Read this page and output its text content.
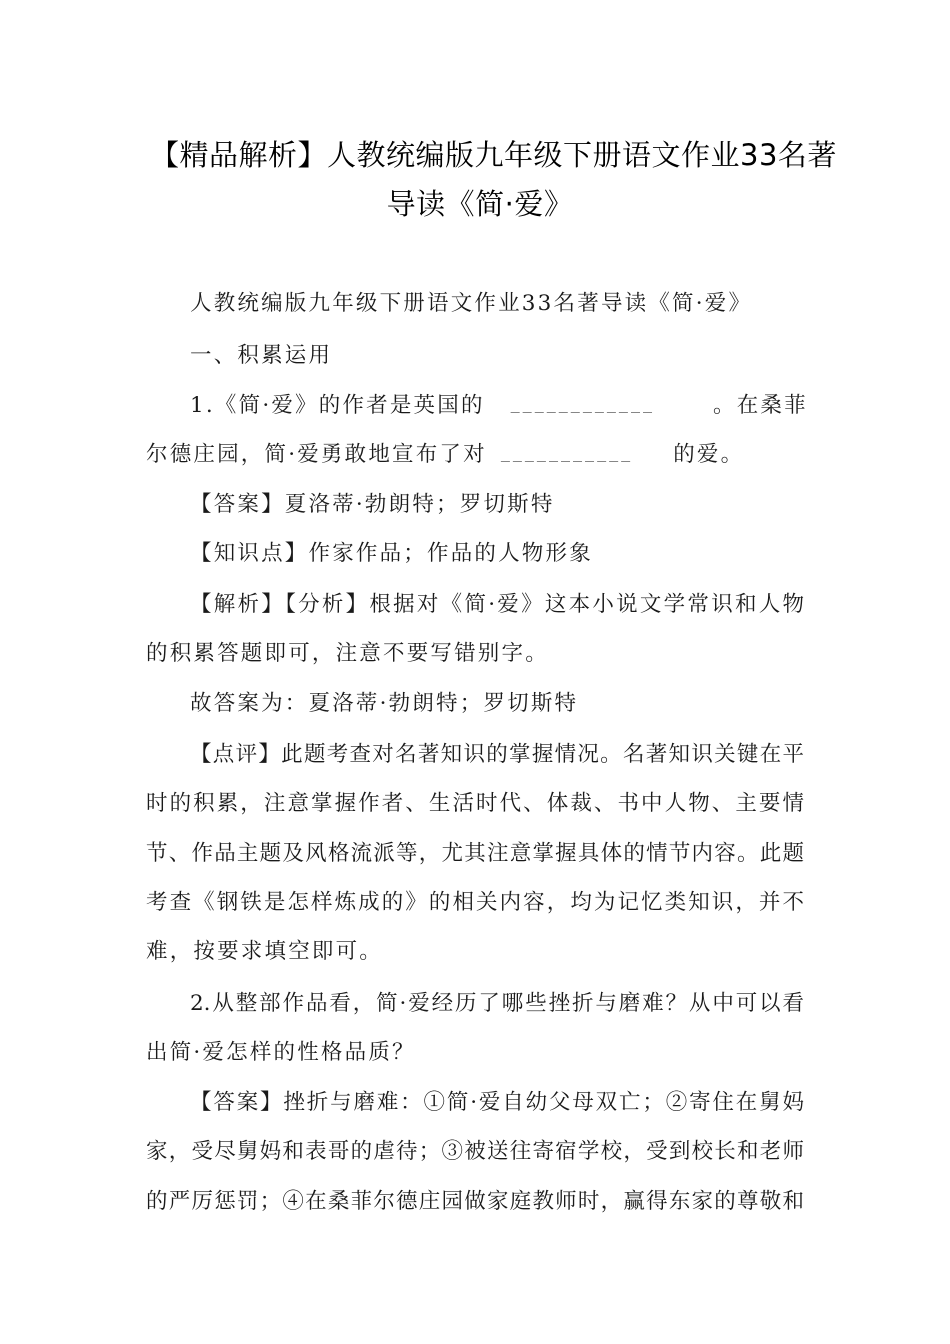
【精品解析】人教统编版九年级下册语文作业33名著
导读《简·爱》
人教统编版九年级下册语文作业33名著导读《简·爱》
一、积累运用
1.《简·爱》的作者是英国的 ____________	。在桑菲
尔德庄园，简·爱勇敢地宣布了对 ___________ 的爱。
【答案】夏洛蒂·勃朗特；罗切斯特
【知识点】作家作品；作品的人物形象
【解析】【分析】根据对《简·爱》这本小说文学常识和人物
的积累答题即可，注意不要写错别字。
故答案为：夏洛蒂·勃朗特；罗切斯特
【点评】此题考查对名著知识的掌握情况。名著知识关键在平
时的积累，注意掌握作者、生活时代、体裁、书中人物、主要情
节、作品主题及风格流派等，尤其注意掌握具体的情节内容。此题
考查《钢铁是怎样炼成的》的相关内容，均为记忆类知识，并不
难，按要求填空即可。
2.从整部作品看，简·爱经历了哪些挫折与磨难？从中可以看
出简·爱怎样的性格品质？
【答案】挫折与磨难：①简·爱自幼父母双亡；②寄住在舅妈
家，受尽舅妈和表哥的虐待；③被送往寄宿学校，受到校长和老师
的严厉惩罚；④在桑菲尔德庄园做家庭教师时，赢得东家的尊敬和
